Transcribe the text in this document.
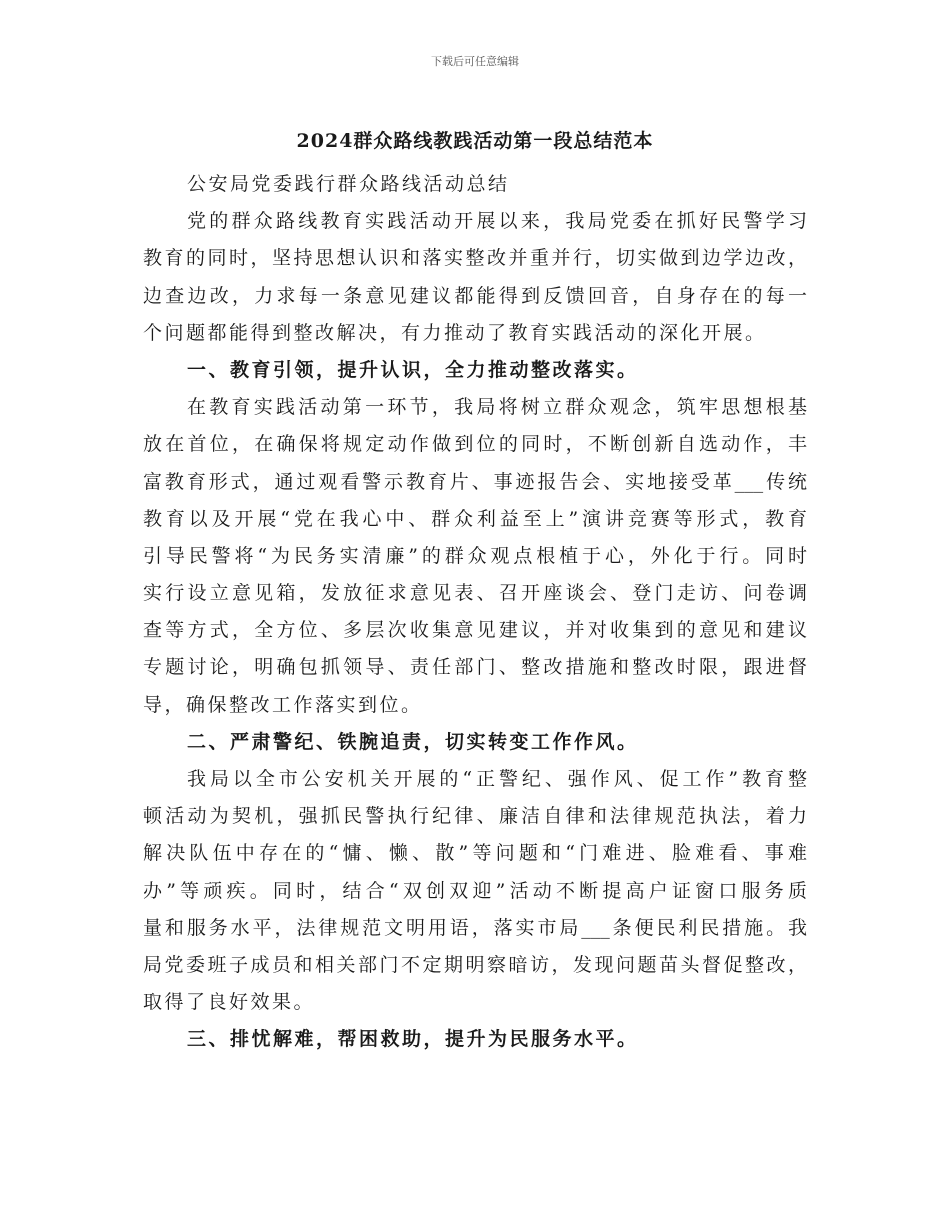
下载后可任意编辑
2024群众路线教践活动第一段总结范本
公安局党委践行群众路线活动总结
党的群众路线教育实践活动开展以来，我局党委在抓好民警学习
教育的同时，坚持思想认识和落实整改并重并行，切实做到边学边改，
边查边改，力求每一条意见建议都能得到反馈回音，自身存在的每一
个问题都能得到整改解决，有力推动了教育实践活动的深化开展。
一、教育引领，提升认识，全力推动整改落实。
在教育实践活动第一环节，我局将树立群众观念，筑牢思想根基
放在首位，在确保将规定动作做到位的同时，不断创新自选动作，丰
富教育形式，通过观看警示教育片、事迹报告会、实地接受革___传统
教育以及开展“党在我心中、群众利益至上”演讲竞赛等形式，教育
引导民警将“为民务实清廉”的群众观点根植于心，外化于行。同时
实行设立意见箱，发放征求意见表、召开座谈会、登门走访、问卷调
查等方式，全方位、多层次收集意见建议，并对收集到的意见和建议
专题讨论，明确包抓领导、责任部门、整改措施和整改时限，跟进督
导，确保整改工作落实到位。
二、严肃警纪、铁腕追责，切实转变工作作风。
我局以全市公安机关开展的“正警纪、强作风、促工作”教育整
顿活动为契机，强抓民警执行纪律、廉洁自律和法律规范执法，着力
解决队伍中存在的“慵、懒、散”等问题和“门难进、脸难看、事难
办”等顽疾。同时，结合“双创双迎”活动不断提高户证窗口服务质
量和服务水平，法律规范文明用语，落实市局___条便民利民措施。我
局党委班子成员和相关部门不定期明察暗访，发现问题苗头督促整改，
取得了良好效果。
三、排忧解难，帮困救助，提升为民服务水平。
